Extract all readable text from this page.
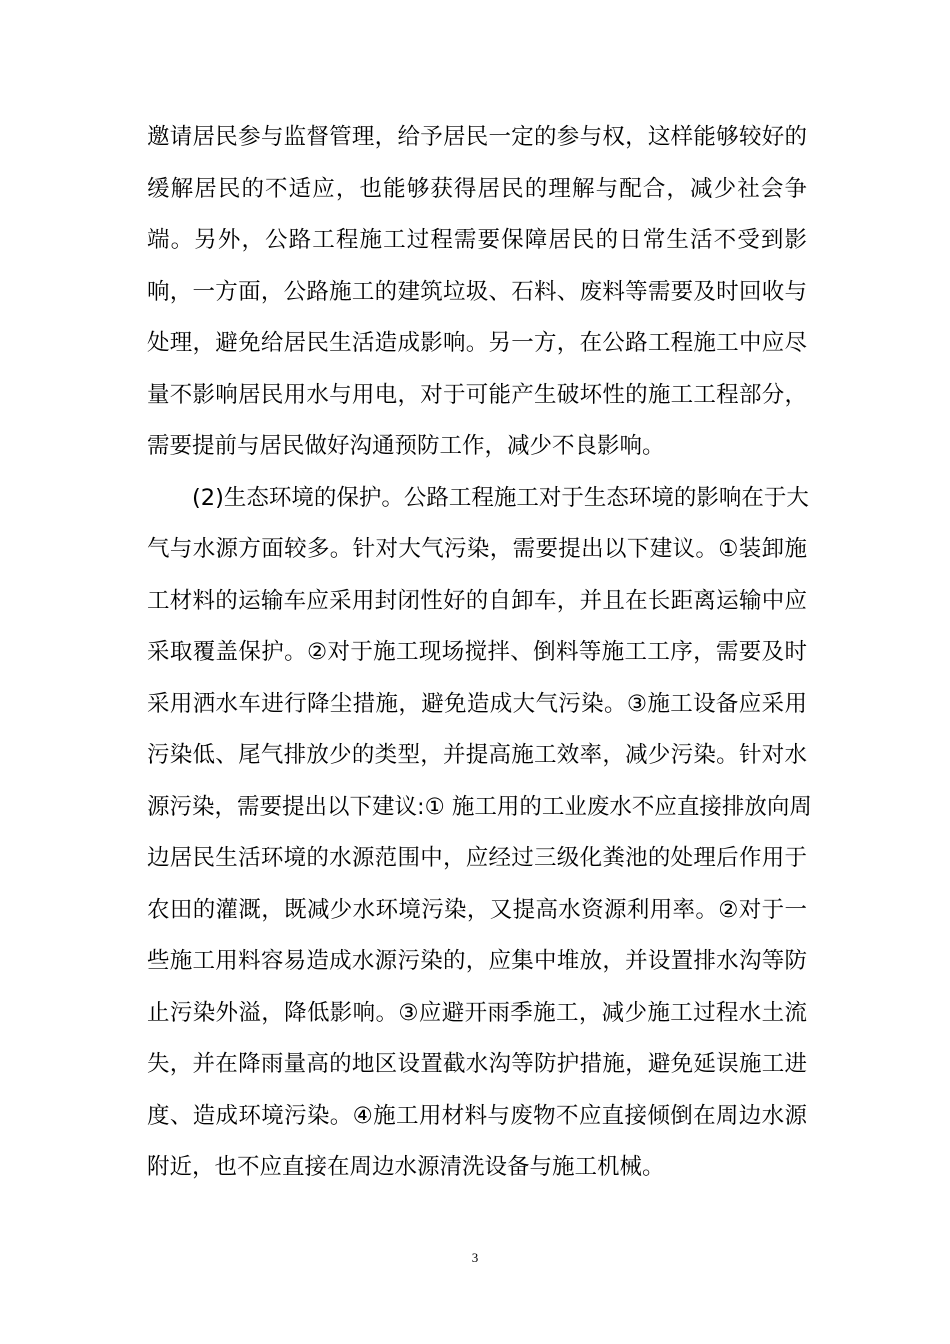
邀请居民参与监督管理，给予居民一定的参与权，这样能够较好的
缓解居民的不适应，也能够获得居民的理解与配合，减少社会争
端。另外，公路工程施工过程需要保障居民的日常生活不受到影
响，一方面，公路施工的建筑垃圾、石料、废料等需要及时回收与
处理，避免给居民生活造成影响。另一方，在公路工程施工中应尽
量不影响居民用水与用电，对于可能产生破坏性的施工工程部分，
需要提前与居民做好沟通预防工作，减少不良影响。
(2)生态环境的保护。公路工程施工对于生态环境的影响在于大
气与水源方面较多。针对大气污染，需要提出以下建议。①装卸施
工材料的运输车应采用封闭性好的自卸车，并且在长距离运输中应
采取覆盖保护。②对于施工现场搅拌、倒料等施工工序，需要及时
采用洒水车进行降尘措施，避免造成大气污染。③施工设备应采用
污染低、尾气排放少的类型，并提高施工效率，减少污染。针对水
源污染，需要提出以下建议:① 施工用的工业废水不应直接排放向周
边居民生活环境的水源范围中，应经过三级化粪池的处理后作用于
农田的灌溉，既减少水环境污染，又提高水资源利用率。②对于一
些施工用料容易造成水源污染的，应集中堆放，并设置排水沟等防
止污染外溢，降低影响。③应避开雨季施工，减少施工过程水土流
失，并在降雨量高的地区设置截水沟等防护措施，避免延误施工进
度、造成环境污染。④施工用材料与废物不应直接倾倒在周边水源
附近，也不应直接在周边水源清洗设备与施工机械。
3
